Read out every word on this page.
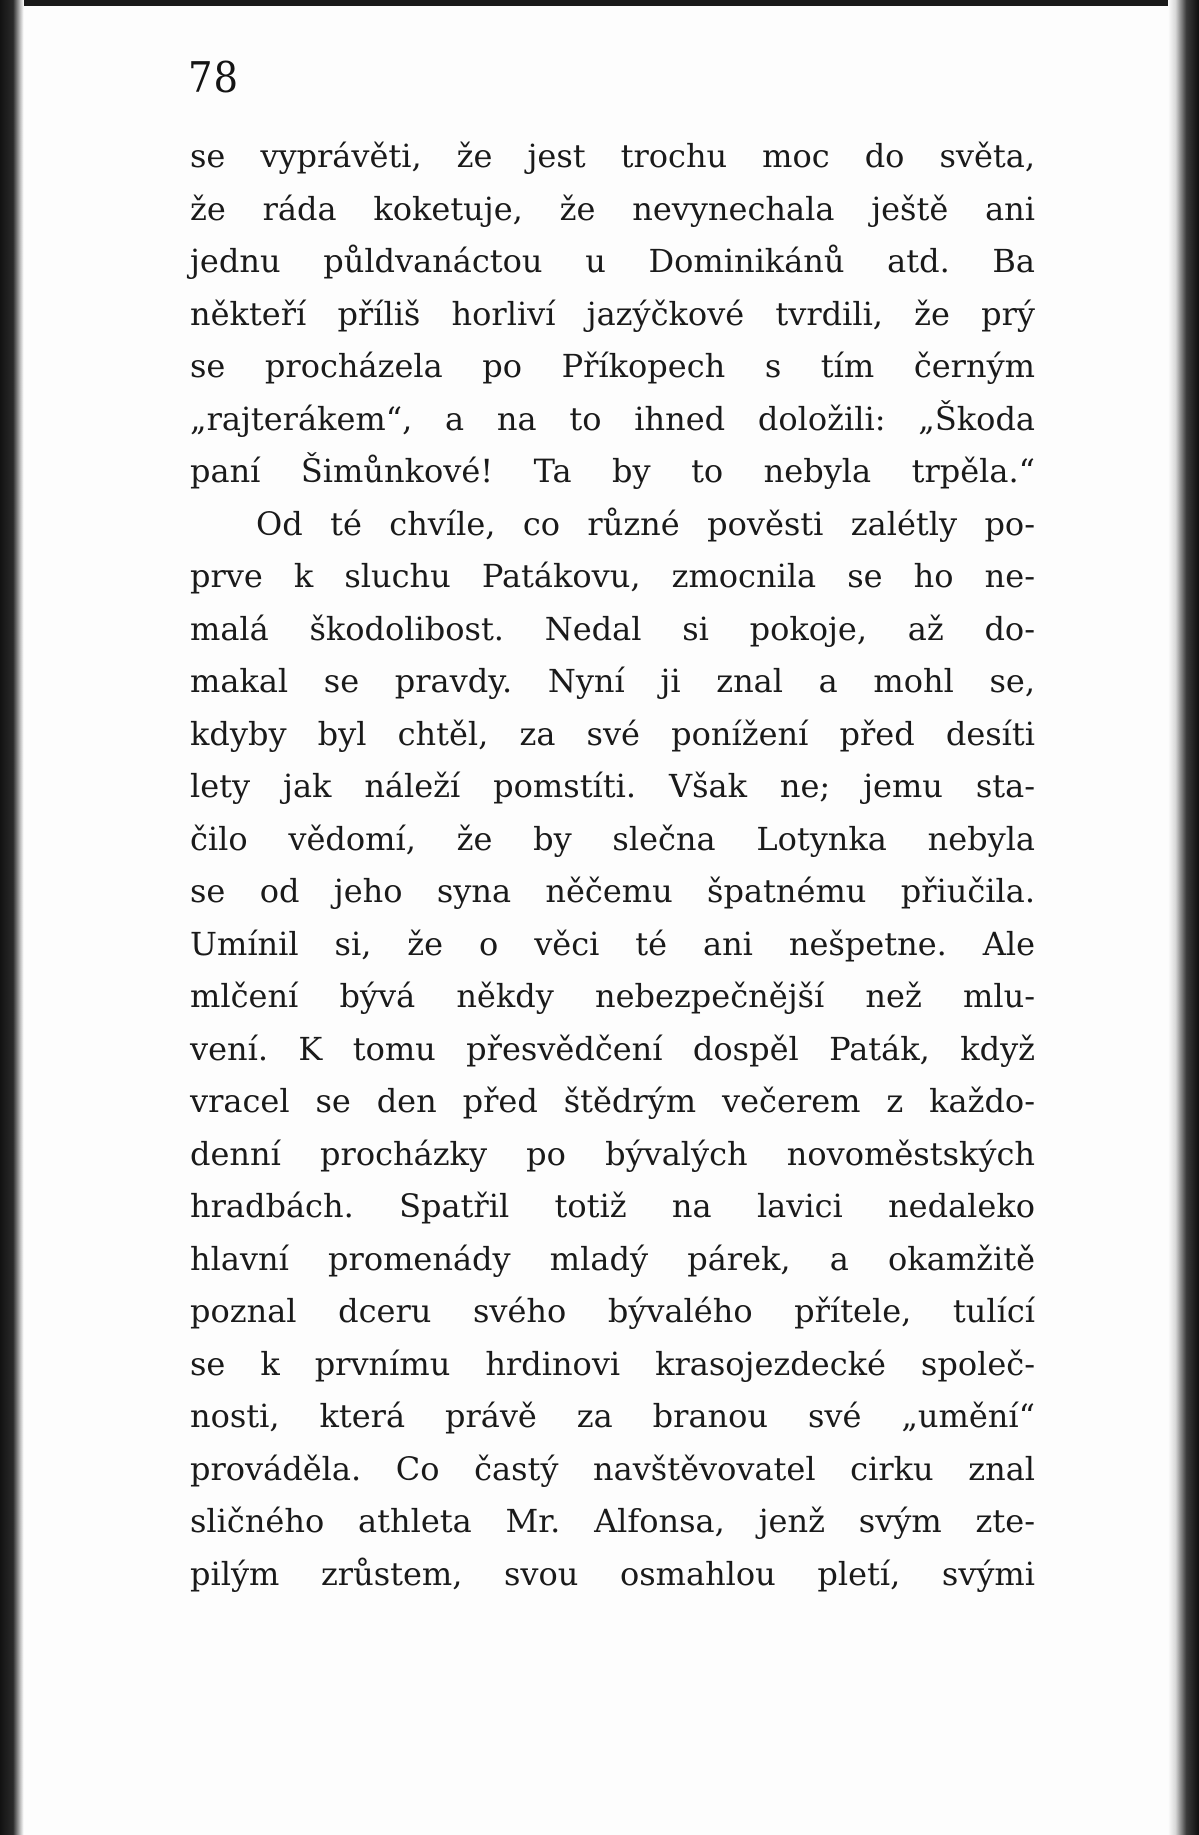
78
se vyprávěti, že jest trochu moc do světa,
že ráda koketuje, že nevynechala ještě ani
jednu půldvanáctou u Dominikánů atd. Ba
někteří příliš horliví jazýčkové tvrdili, že prý
se procházela po Příkopech s tím černým
„rajterákem“, a na to ihned doložili: „Škoda
paní Šimůnkové! Ta by to nebyla trpěla.“
Od té chvíle, co různé pověsti zalétly po-
prve k sluchu Patákovu, zmocnila se ho ne-
malá škodolibost. Nedal si pokoje, až do-
makal se pravdy. Nyní ji znal a mohl se,
kdyby byl chtěl, za své ponížení před desíti
lety jak náleží pomstíti. Však ne; jemu sta-
čilo vědomí, že by slečna Lotynka nebyla
se od jeho syna něčemu špatnému přiučila.
Umínil si, že o věci té ani nešpetne. Ale
mlčení bývá někdy nebezpečnější než mlu-
vení. K tomu přesvědčení dospěl Paták, když
vracel se den před štědrým večerem z každo-
denní procházky po bývalých novoměstských
hradbách. Spatřil totiž na lavici nedaleko
hlavní promenády mladý párek, a okamžitě
poznal dceru svého bývalého přítele, tulící
se k prvnímu hrdinovi krasojezdecké společ-
nosti, která právě za branou své „umění“
prováděla. Co častý navštěvovatel cirku znal
sličného athleta Mr. Alfonsa, jenž svým zte-
pilým zrůstem, svou osmahlou pletí, svými
